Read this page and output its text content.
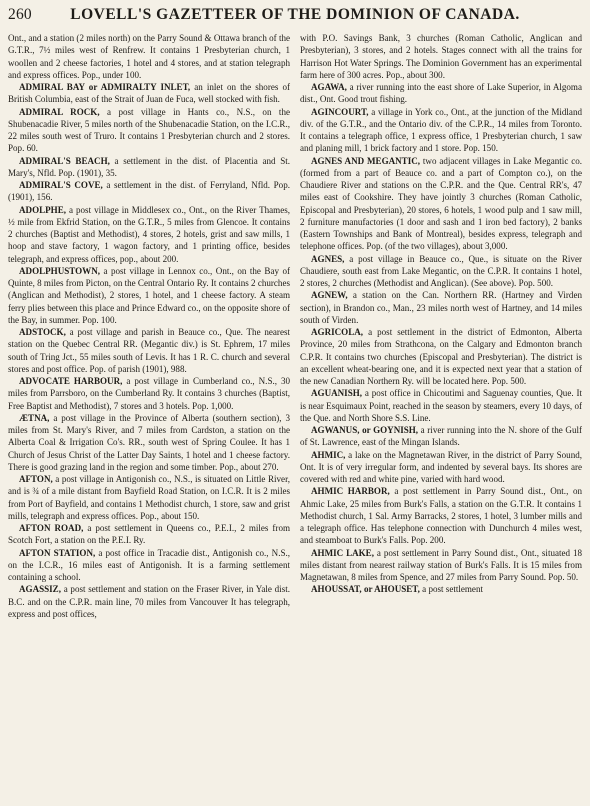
260	LOVELL'S GAZETTEER OF THE DOMINION OF CANADA.

Ont., and a station (2 miles north) on the Parry Sound & Ottawa branch of the G.T.R., 7½ miles west of Renfrew. It contains 1 Presbyterian church, 1 woollen and 2 cheese factories, 1 hotel and 4 stores, and at station telegraph and express offices. Pop., under 100.

ADMIRAL BAY or ADMIRALTY INLET, an inlet on the shores of British Columbia, east of the Strait of Juan de Fuca, well stocked with fish.

ADMIRAL ROCK, a post village in Hants co., N.S., on the Shubenacadie River, 5 miles north of the Shubenacadie Station, on the I.C.R., 22 miles south west of Truro. It contains 1 Presbyterian church and 2 stores. Pop. 60.

ADMIRAL'S BEACH, a settlement in the dist. of Placentia and St. Mary's, Nfld. Pop. (1901), 35.

ADMIRAL'S COVE, a settlement in the dist. of Ferryland, Nfld. Pop. (1901), 156.

ADOLPHE, a post village in Middlesex co., Ont., on the River Thames, ½ mile from Ekfrid Station, on the G.T.R., 5 miles from Glencoe. It contains 2 churches (Baptist and Methodist), 4 stores, 2 hotels, grist and saw mills, 1 hoop and stave factory, 1 wagon factory, and 1 printing office, besides telegraph, and express offices, pop., about 200.

ADOLPHUSTOWN, a post village in Lennox co., Ont., on the Bay of Quinte, 8 miles from Picton, on the Central Ontario Ry. It contains 2 churches (Anglican and Methodist), 2 stores, 1 hotel, and 1 cheese factory. A steam ferry plies between this place and Prince Edward co., on the opposite shore of the Bay, in summer. Pop. 100.

ADSTOCK, a post village and parish in Beauce co., Que. The nearest station on the Quebec Central RR. (Megantic div.) is St. Ephrem, 17 miles south of Tring Jct., 55 miles south of Levis. It has 1 R. C. church and several stores and post office. Pop. of parish (1901), 988.

ADVOCATE HARBOUR, a post village in Cumberland co., N.S., 30 miles from Parrsboro, on the Cumberland Ry. It contains 3 churches (Baptist, Free Baptist and Methodist), 7 stores and 3 hotels. Pop. 1,000.

ÆTNA, a post village in the Province of Alberta (southern section), 3 miles from St. Mary's River, and 7 miles from Cardston, a station on the Alberta Coal & Irrigation Co's. RR., south west of Spring Coulee. It has 1 Church of Jesus Christ of the Latter Day Saints, 1 hotel and 1 cheese factory. There is good grazing land in the region and some timber. Pop., about 270.

AFTON, a post village in Antigonish co., N.S., is situated on Little River, and is ¾ of a mile distant from Bayfield Road Station, on I.C.R. It is 2 miles from Port of Bayfield, and contains 1 Methodist church, 1 store, saw and grist mills, telegraph and express offices. Pop., about 150.

AFTON ROAD, a post settlement in Queens co., P.E.I., 2 miles from Scotch Fort, a station on the P.E.I. Ry.

AFTON STATION, a post office in Tracadie dist., Antigonish co., N.S., on the I.C.R., 16 miles east of Antigonish. It is a farming settlement containing a school.

AGASSIZ, a post settlement and station on the Fraser River, in Yale dist. B.C. and on the C.P.R. main line, 70 miles from Vancouver It has telegraph, express and post offices,

with P.O. Savings Bank, 3 churches (Roman Catholic, Anglican and Presbyterian), 3 stores, and 2 hotels. Stages connect with all the trains for Harrison Hot Water Springs. The Dominion Government has an experimental farm here of 300 acres. Pop., about 300.

AGAWA, a river running into the east shore of Lake Superior, in Algoma dist., Ont. Good trout fishing.

AGINCOURT, a village in York co., Ont., at the junction of the Midland div. of the G.T.R., and the Ontario div. of the C.P.R., 14 miles from Toronto. It contains a telegraph office, 1 express office, 1 Presbyterian church, 1 saw and planing mill, 1 brick factory and 1 store. Pop. 150.

AGNES AND MEGANTIC, two adjacent villages in Lake Megantic co. (formed from a part of Beauce co. and a part of Compton co.), on the Chaudiere River and stations on the C.P.R. and the Que. Central RR's, 47 miles east of Cookshire. They have jointly 3 churches (Roman Catholic, Episcopal and Presbyterian), 20 stores, 6 hotels, 1 wood pulp and 1 saw mill, 2 furniture manufactories (1 door and sash and 1 iron bed factory), 2 banks (Eastern Townships and Bank of Montreal), besides express, telegraph and telephone offices. Pop. (of the two villages), about 3,000.

AGNES, a post village in Beauce co., Que., is situate on the River Chaudiere, south east from Lake Megantic, on the C.P.R. It contains 1 hotel, 2 stores, 2 churches (Methodist and Anglican). (See above). Pop. 500.

AGNEW, a station on the Can. Northern RR. (Hartney and Virden section), in Brandon co., Man., 23 miles north west of Hartney, and 14 miles south of Virden.

AGRICOLA, a post settlement in the district of Edmonton, Alberta Province, 20 miles from Strathcona, on the Calgary and Edmonton branch C.P.R. It contains two churches (Episcopal and Presbyterian). The district is an excellent wheat-bearing one, and it is expected next year that a station of the new Canadian Northern Ry. will be located here. Pop. 500.

AGUANISH, a post office in Chicoutimi and Saguenay counties, Que. It is near Esquimaux Point, reached in the season by steamers, every 10 days, of the Que. and North Shore S.S. Line.

AGWANUS, or GOYNISH, a river running into the N. shore of the Gulf of St. Lawrence, east of the Mingan Islands.

AHMIC, a lake on the Magnetawan River, in the district of Parry Sound, Ont. It is of very irregular form, and indented by several bays. Its shores are covered with red and white pine, varied with hard wood.

AHMIC HARBOR, a post settlement in Parry Sound dist., Ont., on Ahmic Lake, 25 miles from Burk's Falls, a station on the G.T.R. It contains 1 Methodist church, 1 Sal. Army Barracks, 2 stores, 1 hotel, 3 lumber mills and a telegraph office. Has telephone connection with Dunchurch 4 miles west, and steamboat to Burk's Falls. Pop. 200.

AHMIC LAKE, a post settlement in Parry Sound dist., Ont., situated 18 miles distant from nearest railway station of Burk's Falls. It is 15 miles from Magnetawan, 8 miles from Spence, and 27 miles from Parry Sound. Pop. 50.

AHOUSSAT, or AHOUSET, a post settlement
